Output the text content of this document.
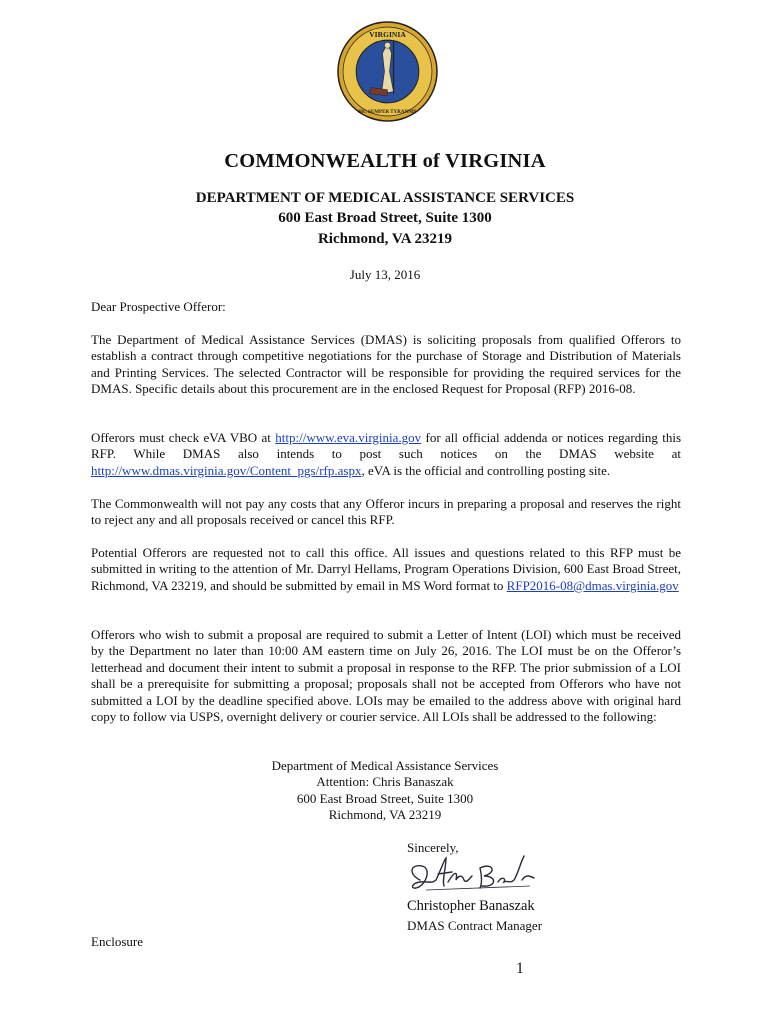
VIRGINIA
SIC SEMPER TYRANNIS
COMMONWEALTH of VIRGINIA
DEPARTMENT OF MEDICAL ASSISTANCE SERVICES
600 East Broad Street, Suite 1300
Richmond, VA 23219
July 13, 2016
Dear Prospective Offeror:
The Department of Medical Assistance Services (DMAS) is soliciting proposals from qualified Offerors to establish a contract through competitive negotiations for the purchase of Storage and Distribution of Materials and Printing Services. The selected Contractor will be responsible for providing the required services for the DMAS. Specific details about this procurement are in the enclosed Request for Proposal (RFP) 2016-08.
Offerors must check eVA VBO at http://www.eva.virginia.gov for all official addenda or notices regarding this RFP. While DMAS also intends to post such notices on the DMAS website at http://www.dmas.virginia.gov/Content_pgs/rfp.aspx, eVA is the official and controlling posting site.
The Commonwealth will not pay any costs that any Offeror incurs in preparing a proposal and reserves the right to reject any and all proposals received or cancel this RFP.
Potential Offerors are requested not to call this office. All issues and questions related to this RFP must be submitted in writing to the attention of Mr. Darryl Hellams, Program Operations Division, 600 East Broad Street, Richmond, VA 23219, and should be submitted by email in MS Word format to RFP2016-08@dmas.virginia.gov
Offerors who wish to submit a proposal are required to submit a Letter of Intent (LOI) which must be received by the Department no later than 10:00 AM eastern time on July 26, 2016. The LOI must be on the Offeror’s letterhead and document their intent to submit a proposal in response to the RFP. The prior submission of a LOI shall be a prerequisite for submitting a proposal; proposals shall not be accepted from Offerors who have not submitted a LOI by the deadline specified above. LOIs may be emailed to the address above with original hard copy to follow via USPS, overnight delivery or courier service. All LOIs shall be addressed to the following:
Department of Medical Assistance Services
Attention: Chris Banaszak
600 East Broad Street, Suite 1300
Richmond, VA 23219
Sincerely,
Christopher Banaszak
DMAS Contract Manager
Enclosure
1
